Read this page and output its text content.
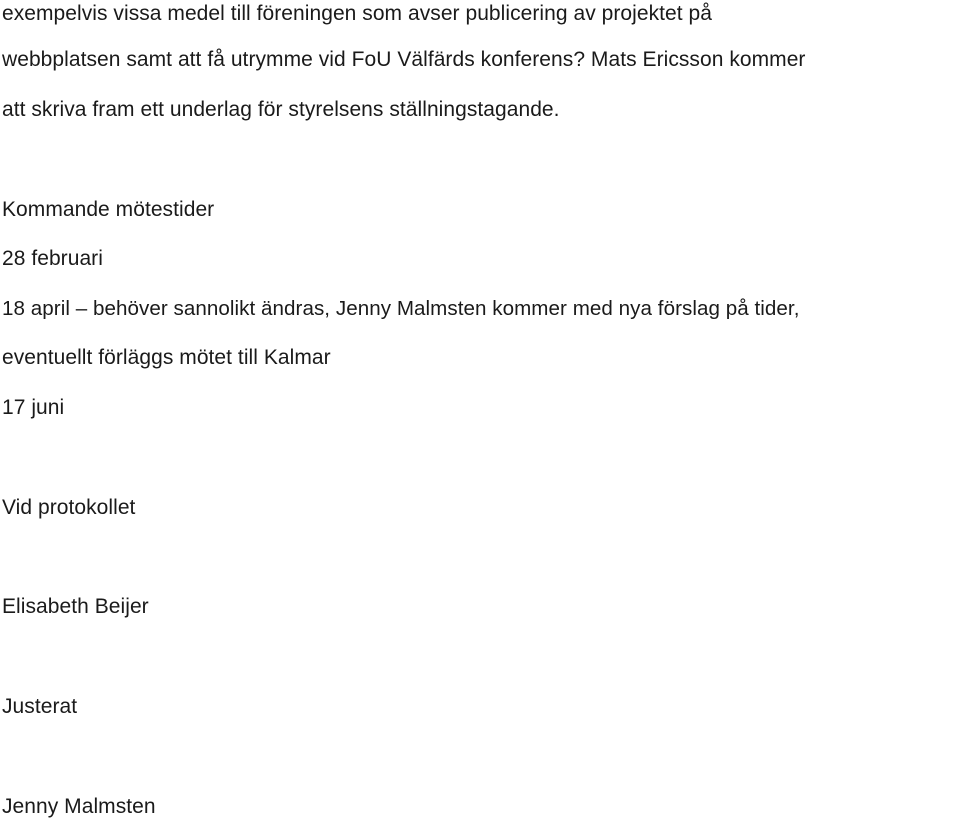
exempelvis vissa medel till föreningen som avser publicering av projektet på
webbplatsen samt att få utrymme vid FoU Välfärds konferens? Mats Ericsson kommer
att skriva fram ett underlag för styrelsens ställningstagande.
Kommande mötestider
28 februari
18 april – behöver sannolikt ändras, Jenny Malmsten kommer med nya förslag på tider,
eventuellt förläggs mötet till Kalmar
17 juni
Vid protokollet
Elisabeth Beijer
Justerat
Jenny Malmsten
